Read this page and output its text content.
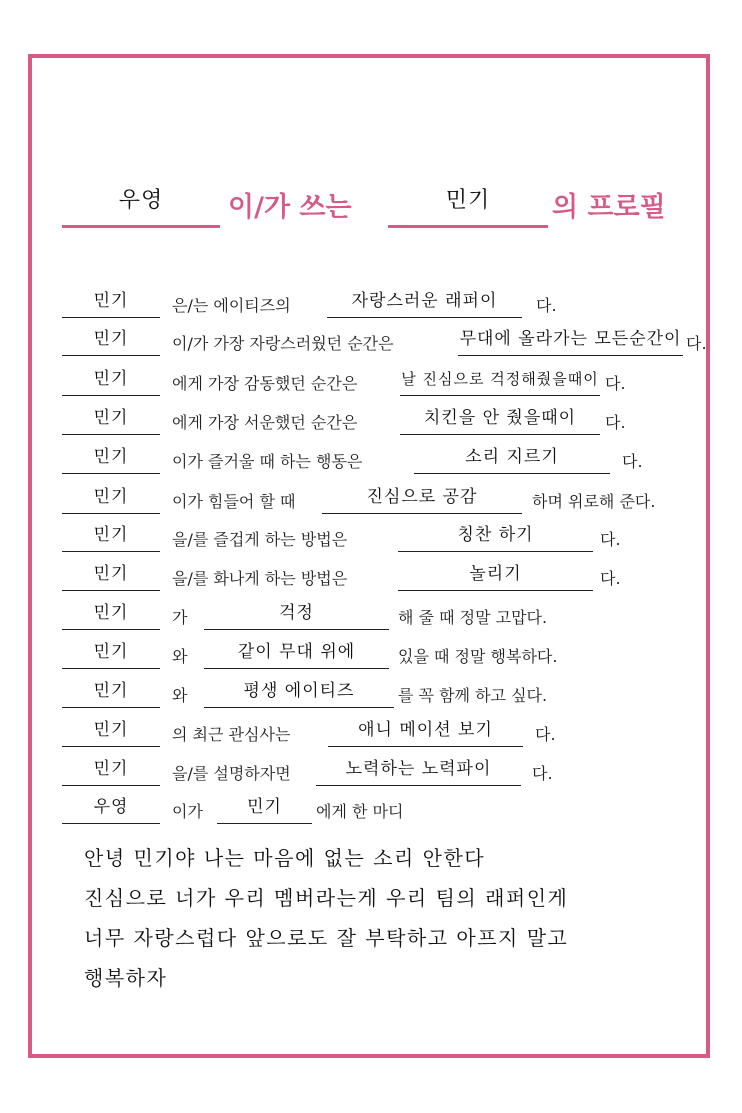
우영	이/가 쓰는	민기	의 프로필
민기	은/는 에이티즈의	자랑스러운 래퍼이	다.
민기	이/가 가장 자랑스러웠던 순간은	무대에 올라가는 모든순간이 다.
민기	에게 가장 감동했던 순간은	날 진심으로 걱정해줬을때이 다.
민기	에게 가장 서운했던 순간은	치킨을 안 줬을때이	다.
민기	이가 즐거울 때 하는 행동은	소리 지르기	다.
민기	이가 힘들어 할 때	진심으로 공감	하며 위로해 준다.
민기	을/를 즐겁게 하는 방법은	칭찬 하기	다.
민기	을/를 화나게 하는 방법은	놀리기	다.
민기	가	걱정	해 줄 때 정말 고맙다.
민기	와	같이 무대 위에	있을 때 정말 행복하다.
민기	와	평생 에이티즈	를 꼭 함께 하고 싶다.
민기	의 최근 관심사는	애니 메이션 보기	다.
민기	을/를 설명하자면	노력하는 노력파이	다.
우영	이가	민기	에게 한 마디
안녕 민기야 나는 마음에 없는 소리 안한다
진심으로 너가 우리 멤버라는게 우리 팀의 래퍼인게
너무 자랑스럽다 앞으로도 잘 부탁하고 아프지 말고
행복하자
